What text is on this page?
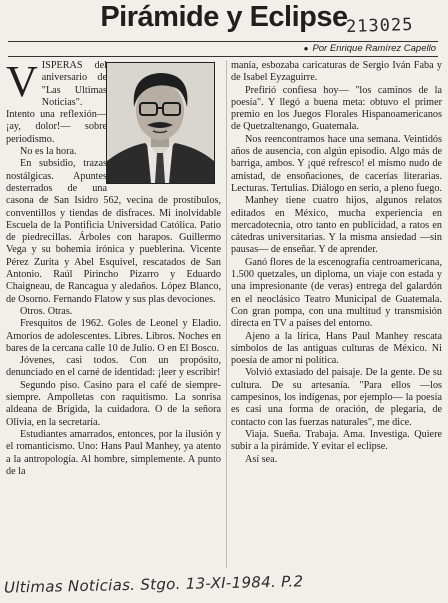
Pirámide y Eclipse
213025
● Por Enrique Ramírez Capello
V ISPERAS del aniversario de "Las Ultimas Noticias". Intento una reflexión— ¡ay, dolor!— sobre periodismo.

No es la hora.

En subsidio, trazas nostálgicas. Apuntes desterrados de una casona de San Isidro 562, vecina de prostíbulos, conventillos y tiendas de disfraces. Mi inolvidable Escuela de la Pontificia Universidad Católica. Patio de piedrecillas. Árboles con harapos. Guillermo Vega y su bohemia irónica y pueblerina. Vicente Pérez Zurita y Abel Esquivel, rescatados de San Antonio. Raúl Pirincho Pizarro y Eduardo Chaigneau, de Rancagua y aledaños. López Blanco, de Osorno. Fernando Flatow y sus plas devociones.

Otros. Otras.

Fresquitos de 1962. Goles de Leonel y Eladio. Amoríos de adolescentes. Libres. Libros. Noches en bares de la cercana calle 10 de Julio. O en El Bosco.

Jóvenes, casi todos. Con un propósito, denunciado en el carné de identidad: ¡leer y escribir!

Segundo piso. Casino para el café de siempre-siempre. Ampolletas con raquitismo. La sonrisa aldeana de Brígida, la cuidadora. O de la señora Olivia, en la secretaría.

Estudiantes amarrados, entonces, por la ilusión y el romanticismo. Uno: Hans Paul Manhey, ya atento a la antropología. Al hombre, simplemente. A punto de la

manía, esbozaba caricaturas de Sergio Iván Faba y de Isabel Eyzaguirre.

Prefirió confiesa hoy— "los caminos de la poesía". Y llegó a buena meta: obtuvo el primer premio en los Juegos Florales Hispanoamericanos de Quetzaltenango, Guatemala.

Nos reencontramos hace una semana. Veintidós años de ausencia, con algún episodio. Algo más de barriga, ambos. Y ¡qué refresco! el mismo nudo de amistad, de ensoñaciones, de cacerías literarias. Lecturas. Tertulias. Diálogo en serio, a pleno fuego.

Manhey tiene cuatro hijos, algunos relatos editados en México, mucha experiencia en mercadotecnia, otro tanto en publicidad, a ratos en cátedras universitarias. Y la misma ansiedad —sin pausas— de enseñar. Y de aprender.

Ganó flores de la escenografía centroamericana, 1.500 quetzales, un diploma, un viaje con estada y una impresionante (de veras) entrega del galardón en el neoclásico Teatro Municipal de Guatemala. Con gran pompa, con una multitud y transmisión directa en TV a países del entorno.

Ajeno a la lírica, Hans Paul Manhey rescata símbolos de las antiguas culturas de México. Ni poesía de amor ni política.

Volvió extasiado del paisaje. De la gente. De su cultura. De su artesanía. "Para ellos —los campesinos, los indígenas, por ejemplo— la poesía es casi una forma de oración, de plegaria, de contacto con las fuerzas naturales", me dice.

Viaja. Sueña. Trabaja. Ama. Investiga. Quiere subir a la pirámide. Y evitar el eclipse.

Así sea.

Ultimas Noticias. Stgo. 13-XI-1984. P.2
